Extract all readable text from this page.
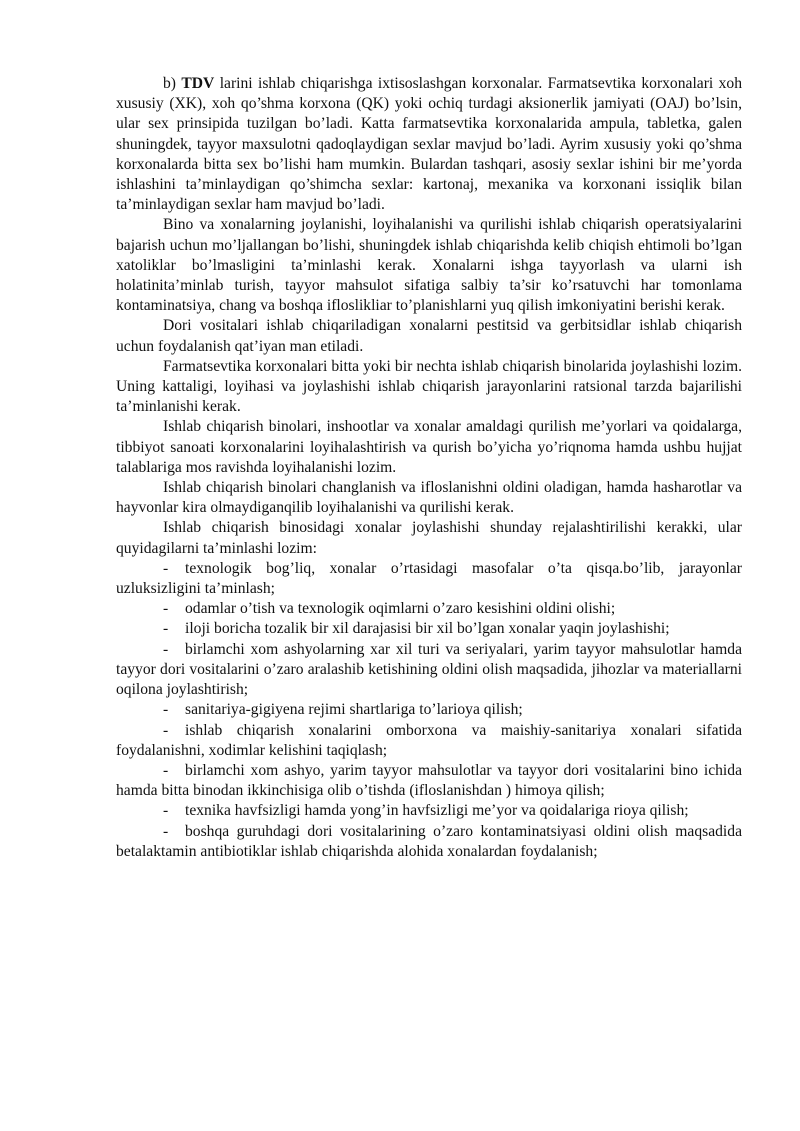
b) TDV larini ishlab chiqarishga ixtisoslashgan korxonalar. Farmatsevtika korxonalari xoh xususiy (XK), xoh qo’shma korxona (QK) yoki ochiq turdagi aksionerlik jamiyati (OAJ) bo’lsin, ular sex prinsipida tuzilgan bo’ladi. Katta farmatsevtika korxonalarida ampula, tabletka, galen shuningdek, tayyor maxsulotni qadoqlaydigan sexlar mavjud bo’ladi. Ayrim xususiy yoki qo’shma korxonalarda bitta sex bo’lishi ham mumkin. Bulardan tashqari, asosiy sexlar ishini bir me’yorda ishlashini ta’minlaydigan qo’shimcha sexlar: kartonaj, mexanika va korxonani issiqlik bilan ta’minlaydigan sexlar ham mavjud bo’ladi.

Bino va xonalarning joylanishi, loyihalanishi va qurilishi ishlab chiqarish operatsiyalarini bajarish uchun mo’ljallangan bo’lishi, shuningdek ishlab chiqarishda kelib chiqish ehtimoli bo’lgan xatoliklar bo’lmasligini ta’minlashi kerak. Xonalarni ishga tayyorlash va ularni ish holatinita’minlab turish, tayyor mahsulot sifatiga salbiy ta’sir ko’rsatuvchi har tomonlama kontaminatsiya, chang va boshqa ifloslikliar to’planishlarni yuq qilish imkoniyatini berishi kerak.

Dori vositalari ishlab chiqariladigan xonalarni pestitsid va gerbitsidlar ishlab chiqarish uchun foydalanish qat’iyan man etiladi.

Farmatsevtika korxonalari bitta yoki bir nechta ishlab chiqarish binolarida joylashishi lozim. Uning kattaligi, loyihasi va joylashishi ishlab chiqarish jarayonlarini ratsional tarzda bajarilishi ta’minlanishi kerak.

Ishlab chiqarish binolari, inshootlar va xonalar amaldagi qurilish me’yorlari va qoidalarga, tibbiyot sanoati korxonalarini loyihalashtirish va qurish bo’yicha yo’riqnoma hamda ushbu hujjat talablariga mos ravishda loyihalanishi lozim.

Ishlab chiqarish binolari changlanish va ifloslanishni oldini oladigan, hamda hasharotlar va hayvonlar kira olmaydiganqilib loyihalanishi va qurilishi kerak.

Ishlab chiqarish binosidagi xonalar joylashishi shunday rejalashtirilishi kerakki, ular quyidagilarni ta’minlashi lozim:

- texnologik bog’liq, xonalar o’rtasidagi masofalar o’ta qisqa.bo’lib, jarayonlar uzluksizligini ta’minlash;

- odamlar o’tish va texnologik oqimlarni o’zaro kesishini oldini olishi;

- iloji boricha tozalik bir xil darajasisi bir xil bo’lgan xonalar yaqin joylashishi;

- birlamchi xom ashyolarning xar xil turi va seriyalari, yarim tayyor mahsulotlar hamda tayyor dori vositalarini o’zaro aralashib ketishining oldini olish maqsadida, jihozlar va materiallarni oqilona joylashtirish;

- sanitariya-gigiyena rejimi shartlariga to’larioya qilish;

- ishlab chiqarish xonalarini omborxona va maishiy-sanitariya xonalari sifatida foydalanishni, xodimlar kelishini taqiqlash;

- birlamchi xom ashyo, yarim tayyor mahsulotlar va tayyor dori vositalarini bino ichida hamda bitta binodan ikkinchisiga olib o’tishda (ifloslanishdan ) himoya qilish;

- texnika havfsizligi hamda yong’in havfsizligi me’yor va qoidalariga rioya qilish;

- boshqa guruhdagi dori vositalarining o’zaro kontaminatsiyasi oldini olish maqsadida betalaktamin antibiotiklar ishlab chiqarishda alohida xonalardan foydalanish;
